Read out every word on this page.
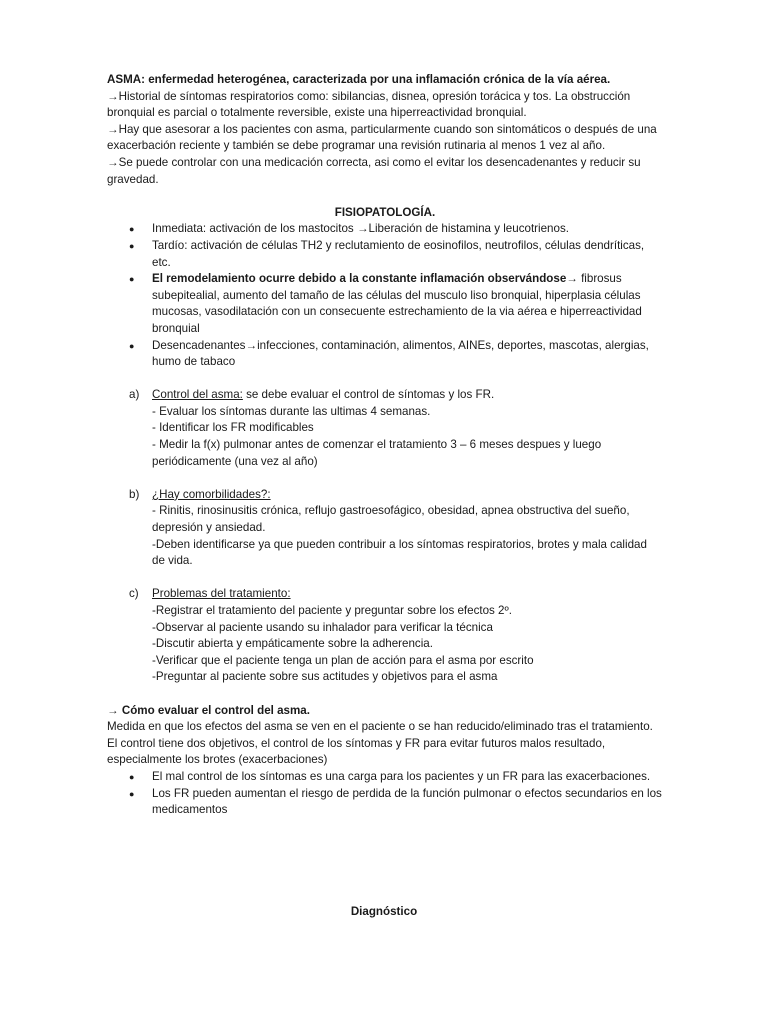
ASMA: enfermedad heterogénea, caracterizada por una inflamación crónica de la vía aérea.

→Historial de síntomas respiratorios como: sibilancias, disnea, opresión torácica y tos. La obstrucción bronquial es parcial o totalmente reversible, existe una hiperreactividad bronquial.

→Hay que asesorar a los pacientes con asma, particularmente cuando son sintomáticos o después de una exacerbación reciente y también se debe programar una revisión rutinaria al menos 1 vez al año.

→Se puede controlar con una medicación correcta, asi como el evitar los desencadenantes y reducir su gravedad.

FISIOPATOLOGÍA.

● Inmediata: activación de los mastocitos →Liberación de histamina y leucotrienos.
● Tardío: activación de células TH2 y reclutamiento de eosinofilos, neutrofilos, células dendríticas, etc.
● El remodelamiento ocurre debido a la constante inflamación observándose→ fibrosus subepitealial, aumento del tamaño de las células del musculo liso bronquial, hiperplasia células mucosas, vasodilatación con un consecuente estrechamiento de la via aérea e hiperreactividad bronquial
● Desencadenantes→infecciones, contaminación, alimentos, AINEs, deportes, mascotas, alergias, humo de tabaco
a) Control del asma: se debe evaluar el control de síntomas y los FR.

- Evaluar los síntomas durante las ultimas 4 semanas.

- Identificar los FR modificables

- Medir la f(x) pulmonar antes de comenzar el tratamiento 3 – 6 meses despues y luego periódicamente (una vez al año)

b) ¿Hay comorbilidades?:

- Rinitis, rinosinusitis crónica, reflujo gastroesofágico, obesidad, apnea obstructiva del sueño, depresión y ansiedad.

-Deben identificarse ya que pueden contribuir a los síntomas respiratorios, brotes y mala calidad de vida.

c) Problemas del tratamiento:

-Registrar el tratamiento del paciente y preguntar sobre los efectos 2º.

-Observar al paciente usando su inhalador para verificar la técnica

-Discutir abierta y empáticamente sobre la adherencia.

-Verificar que el paciente tenga un plan de acción para el asma por escrito

-Preguntar al paciente sobre sus actitudes y objetivos para el asma

→ Cómo evaluar el control del asma.

Medida en que los efectos del asma se ven en el paciente o se han reducido/eliminado tras el tratamiento. El control tiene dos objetivos, el control de los síntomas y FR para evitar futuros malos resultado, especialmente los brotes (exacerbaciones)

● El mal control de los síntomas es una carga para los pacientes y un FR para las exacerbaciones.
● Los FR pueden aumentan el riesgo de perdida de la función pulmonar o efectos secundarios en los medicamentos
Diagnóstico
